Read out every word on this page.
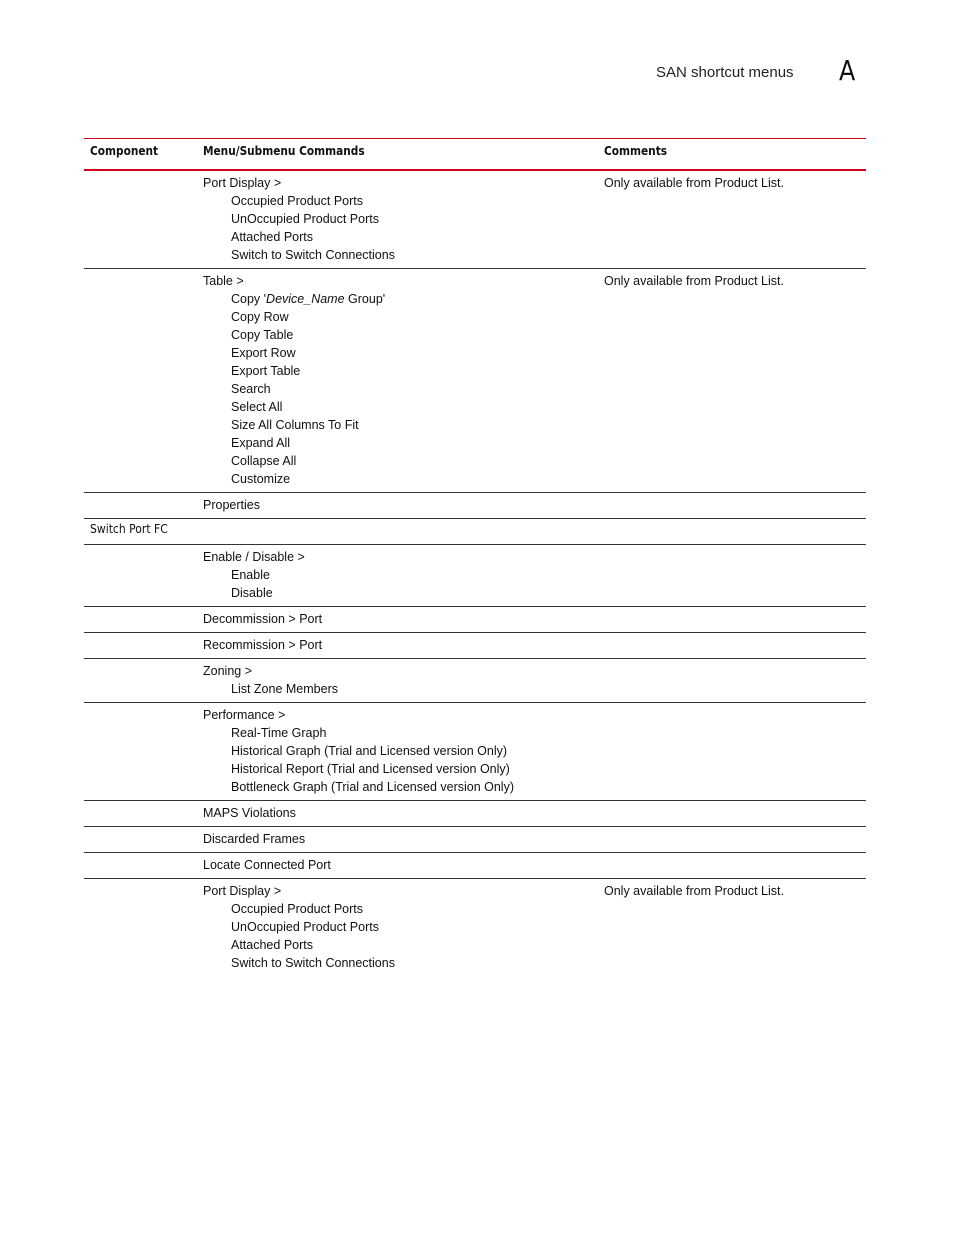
SAN shortcut menus A
Component	Menu/Submenu Commands	Comments
Port Display >
Occupied Product Ports
UnOccupied Product Ports
Attached Ports
Switch to Switch Connections
Only available from Product List.
Table >
Copy 'Device_Name Group'
Copy Row
Copy Table
Export Row
Export Table
Search
Select All
Size All Columns To Fit
Expand All
Collapse All
Customize
Only available from Product List.
Properties
Switch Port FC
Enable / Disable >
Enable
Disable
Decommission > Port
Recommission > Port
Zoning >
List Zone Members
Performance >
Real-Time Graph
Historical Graph (Trial and Licensed version Only)
Historical Report (Trial and Licensed version Only)
Bottleneck Graph (Trial and Licensed version Only)
MAPS Violations
Discarded Frames
Locate Connected Port
Port Display >
Occupied Product Ports
UnOccupied Product Ports
Attached Ports
Switch to Switch Connections
Only available from Product List.
